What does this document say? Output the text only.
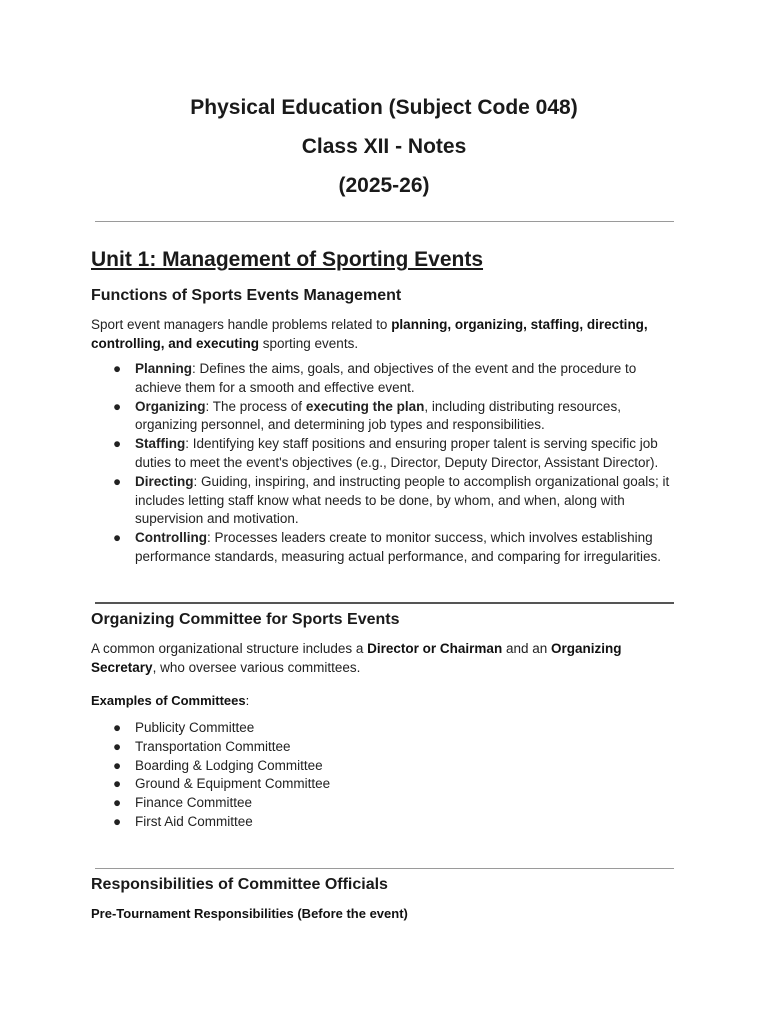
Physical Education (Subject Code 048)
Class XII - Notes
(2025-26)
Unit 1: Management of Sporting Events
Functions of Sports Events Management
Sport event managers handle problems related to planning, organizing, staffing, directing, controlling, and executing sporting events.
● Planning: Defines the aims, goals, and objectives of the event and the procedure to achieve them for a smooth and effective event.
● Organizing: The process of executing the plan, including distributing resources, organizing personnel, and determining job types and responsibilities.
● Staffing: Identifying key staff positions and ensuring proper talent is serving specific job duties to meet the event's objectives (e.g., Director, Deputy Director, Assistant Director).
● Directing: Guiding, inspiring, and instructing people to accomplish organizational goals; it includes letting staff know what needs to be done, by whom, and when, along with supervision and motivation.
● Controlling: Processes leaders create to monitor success, which involves establishing performance standards, measuring actual performance, and comparing for irregularities.
Organizing Committee for Sports Events
A common organizational structure includes a Director or Chairman and an Organizing Secretary, who oversee various committees.
Examples of Committees:
● Publicity Committee
● Transportation Committee
● Boarding & Lodging Committee
● Ground & Equipment Committee
● Finance Committee
● First Aid Committee
Responsibilities of Committee Officials
Pre-Tournament Responsibilities (Before the event)
